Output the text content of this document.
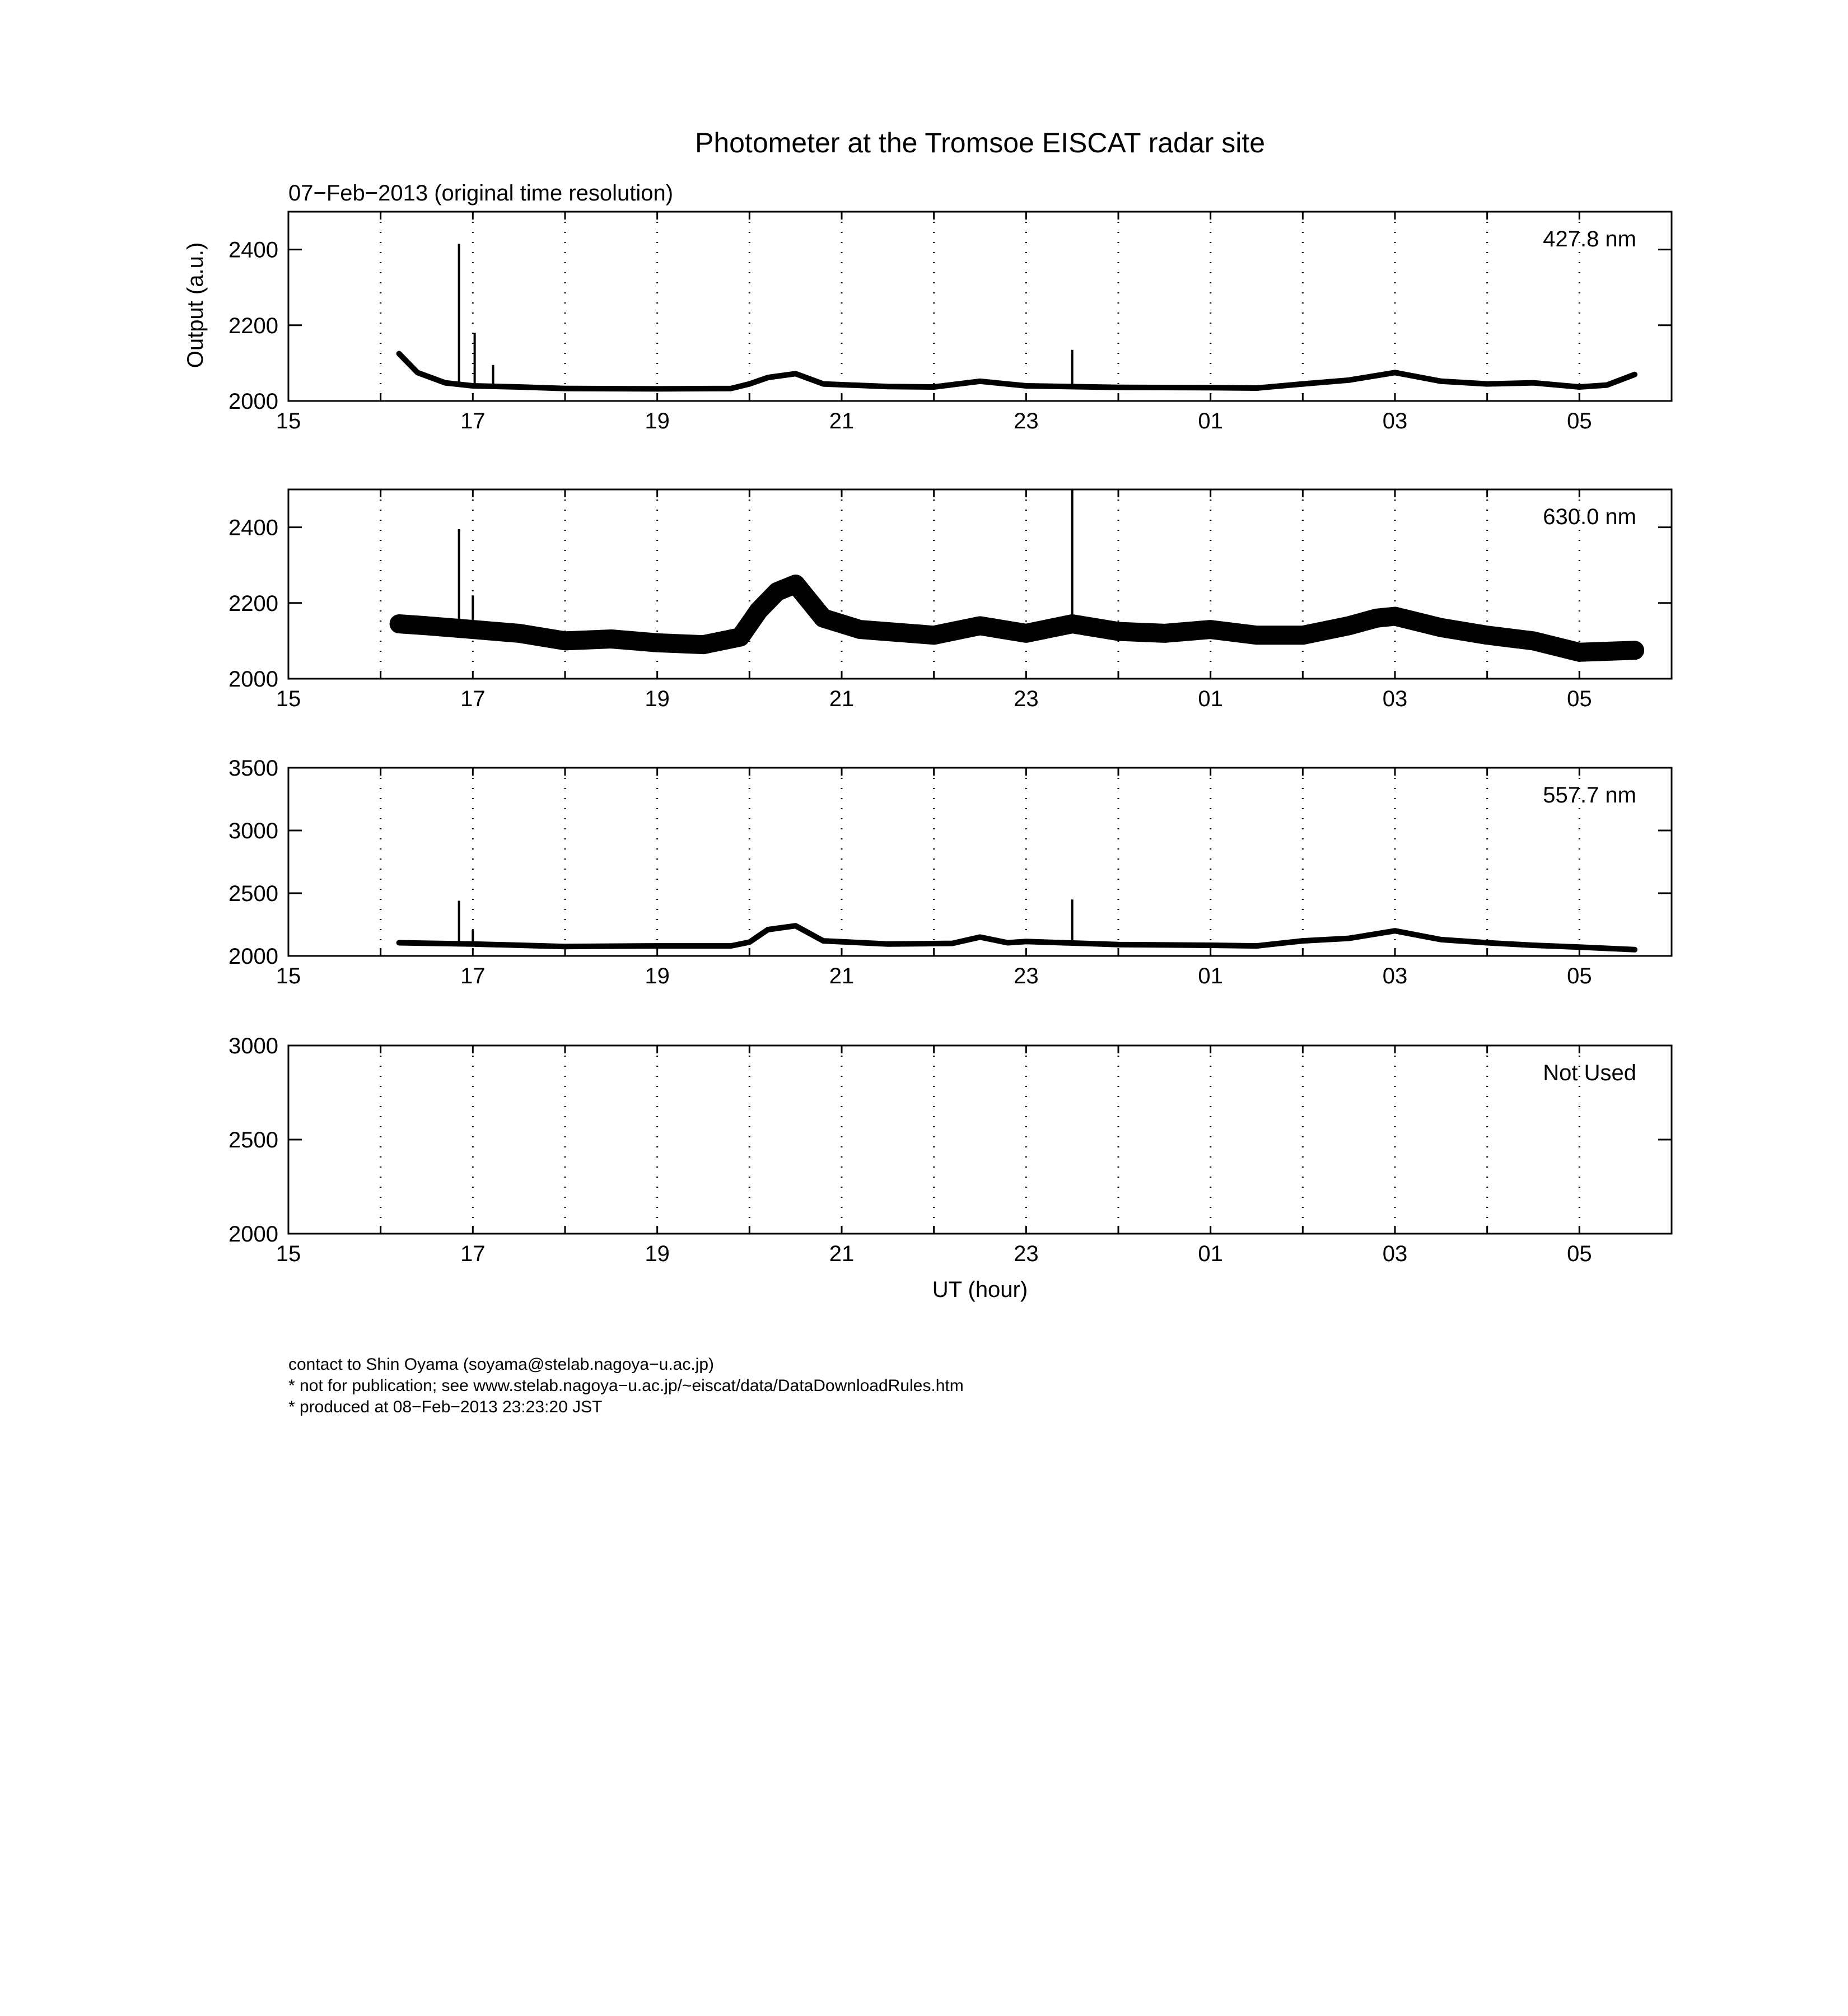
Photometer at the Tromsoe EISCAT radar site
07−Feb−2013 (original time resolution)
Output (a.u.)
UT (hour)
15	17	19	21	23	01	03	05
2000
2200
2400	427.8 nm
15	17	19	21	23	01	03	05
2000
2200
2400	630.0 nm
15	17	19	21	23	01	03	05
2000
2500
3000
3500
557.7 nm
15	17	19	21	23	01	03	05
2000
2500
3000
Not Used
contact to Shin Oyama (soyama@stelab.nagoya−u.ac.jp)
* not for publication; see www.stelab.nagoya−u.ac.jp/~eiscat/data/DataDownloadRules.htm
* produced at 08−Feb−2013 23:23:20 JST
